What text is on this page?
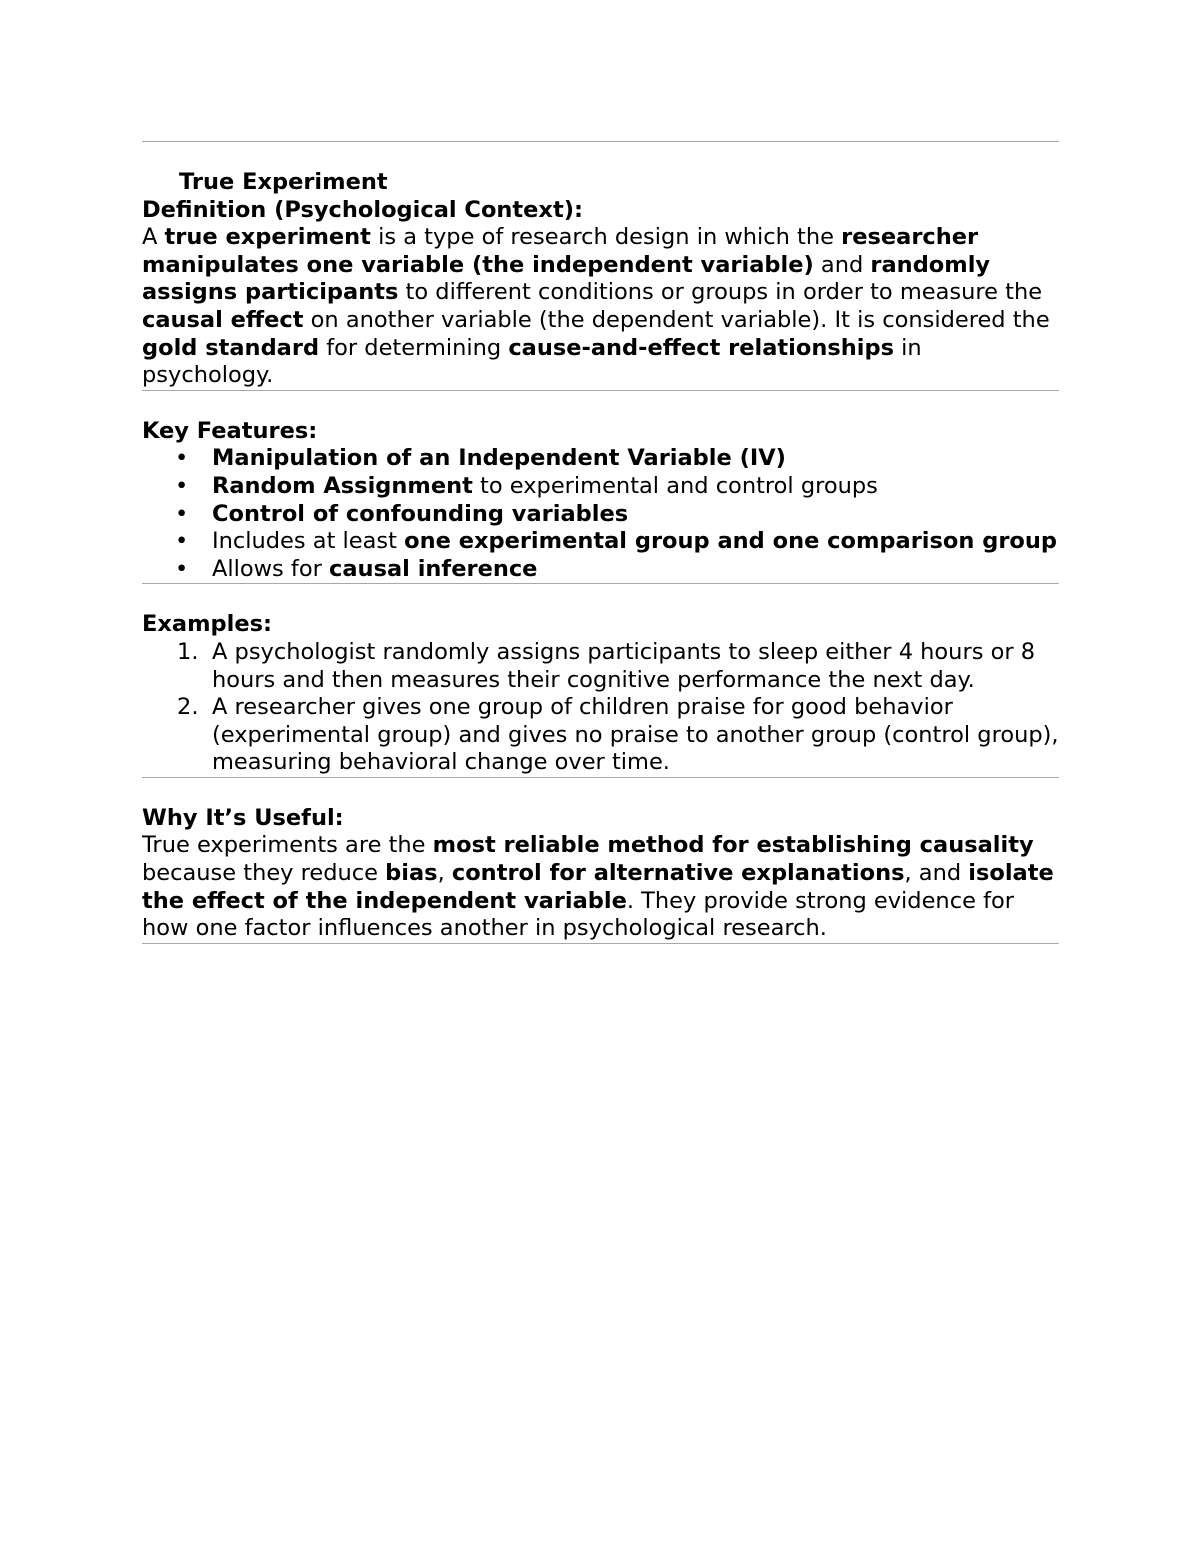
True Experiment
Definition (Psychological Context):

A true experiment is a type of research design in which the researcher manipulates one variable (the independent variable) and randomly assigns participants to different conditions or groups in order to measure the causal effect on another variable (the dependent variable). It is considered the gold standard for determining cause-and-effect relationships in psychology.

Key Features:
• Manipulation of an Independent Variable (IV)
• Random Assignment to experimental and control groups
• Control of confounding variables
• Includes at least one experimental group and one comparison group
• Allows for causal inference
Examples:
1. A psychologist randomly assigns participants to sleep either 4 hours or 8 hours and then measures their cognitive performance the next day.
2. A researcher gives one group of children praise for good behavior (experimental group) and gives no praise to another group (control group), measuring behavioral change over time.
Why It’s Useful:

True experiments are the most reliable method for establishing causality because they reduce bias, control for alternative explanations, and isolate the effect of the independent variable. They provide strong evidence for how one factor influences another in psychological research.
